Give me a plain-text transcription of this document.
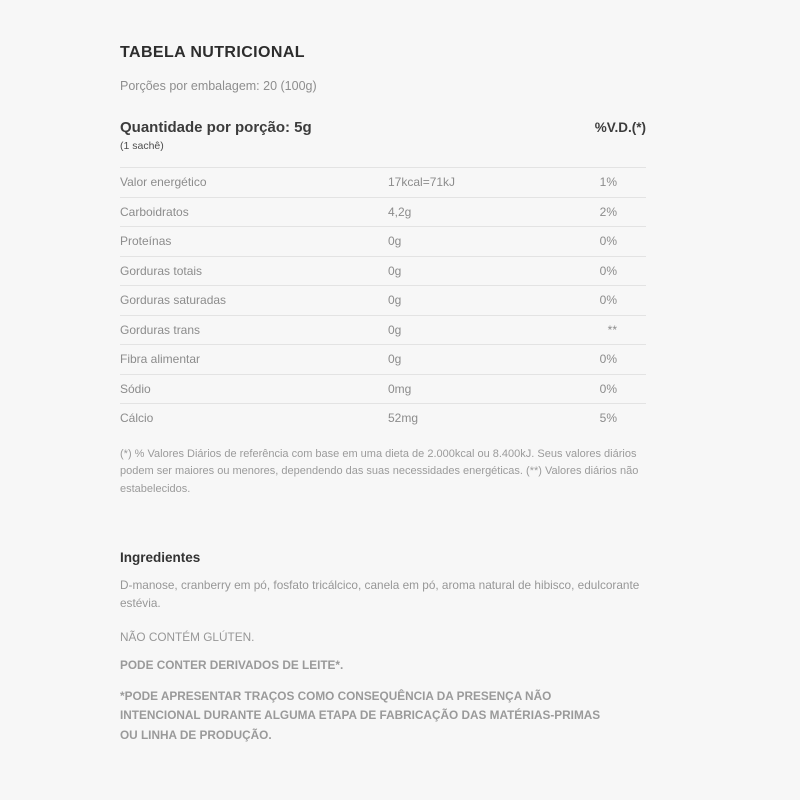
TABELA NUTRICIONAL

Porções por embalagem: 20 (100g)

Quantidade por porção: 5g
(1 sachê)
%V.D.(*)
Valor energético	17kcal=71kJ	1%
Carboidratos	4,2g	2%
Proteínas	0g	0%
Gorduras totais	0g	0%
Gorduras saturadas	0g	0%
Gorduras trans	0g	**
Fibra alimentar	0g	0%
Sódio	0mg	0%
Cálcio	52mg	5%

(*) % Valores Diários de referência com base em uma dieta de 2.000kcal ou 8.400kJ. Seus valores diários podem ser maiores ou menores, dependendo das suas necessidades energéticas. (**) Valores diários não estabelecidos.

Ingredientes

D-manose, cranberry em pó, fosfato tricálcico, canela em pó, aroma natural de hibisco, edulcorante estévia.

NÃO CONTÉM GLÚTEN.

PODE CONTER DERIVADOS DE LEITE*.

*PODE APRESENTAR TRAÇOS COMO CONSEQUÊNCIA DA PRESENÇA NÃO INTENCIONAL DURANTE ALGUMA ETAPA DE FABRICAÇÃO DAS MATÉRIAS-PRIMAS OU LINHA DE PRODUÇÃO.
